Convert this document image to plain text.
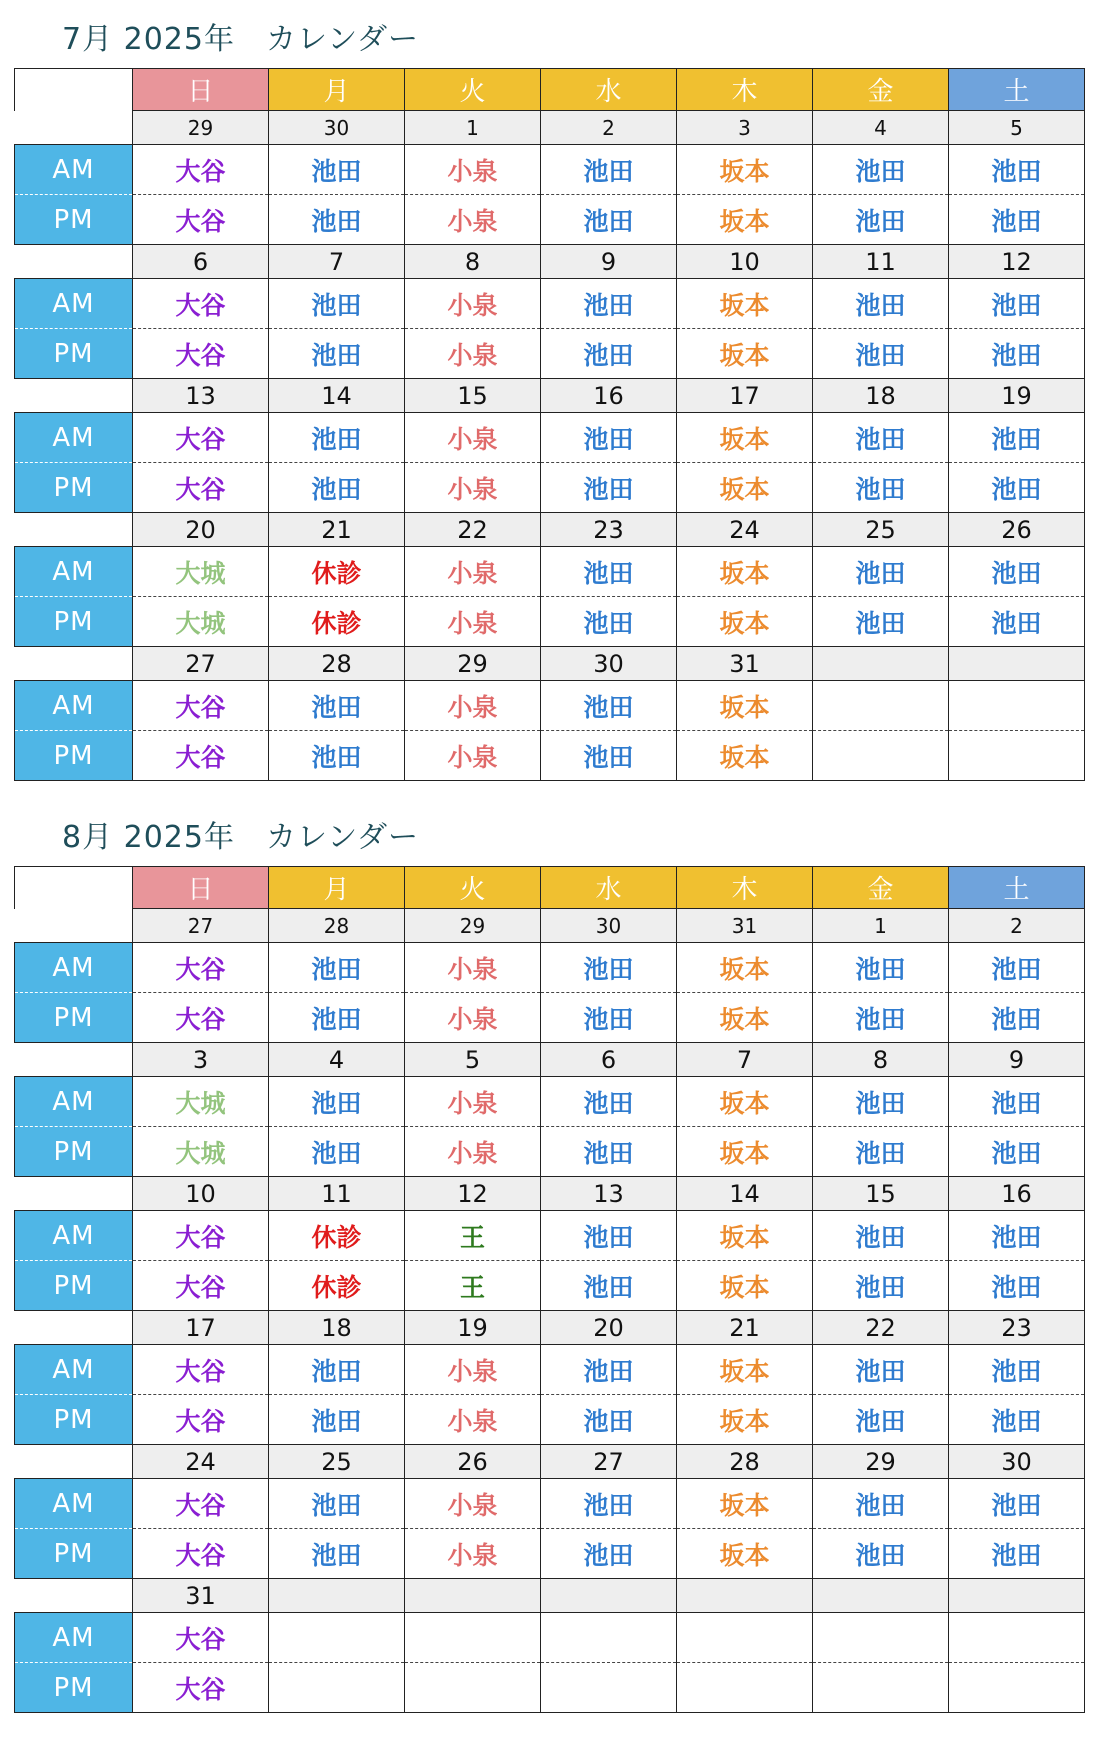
7月 2025年　カレンダー
	日	月	火	水	木	金	土
	29	30	1	2	3	4	5
AM	大谷	池田	小泉	池田	坂本	池田	池田
PM	大谷	池田	小泉	池田	坂本	池田	池田
	6	7	8	9	10	11	12
AM	大谷	池田	小泉	池田	坂本	池田	池田
PM	大谷	池田	小泉	池田	坂本	池田	池田
	13	14	15	16	17	18	19
AM	大谷	池田	小泉	池田	坂本	池田	池田
PM	大谷	池田	小泉	池田	坂本	池田	池田
	20	21	22	23	24	25	26
AM	大城	休診	小泉	池田	坂本	池田	池田
PM	大城	休診	小泉	池田	坂本	池田	池田
	27	28	29	30	31		
AM	大谷	池田	小泉	池田	坂本		
PM	大谷	池田	小泉	池田	坂本		
8月 2025年　カレンダー
	日	月	火	水	木	金	土
	27	28	29	30	31	1	2
AM	大谷	池田	小泉	池田	坂本	池田	池田
PM	大谷	池田	小泉	池田	坂本	池田	池田
	3	4	5	6	7	8	9
AM	大城	池田	小泉	池田	坂本	池田	池田
PM	大城	池田	小泉	池田	坂本	池田	池田
	10	11	12	13	14	15	16
AM	大谷	休診	王	池田	坂本	池田	池田
PM	大谷	休診	王	池田	坂本	池田	池田
	17	18	19	20	21	22	23
AM	大谷	池田	小泉	池田	坂本	池田	池田
PM	大谷	池田	小泉	池田	坂本	池田	池田
	24	25	26	27	28	29	30
AM	大谷	池田	小泉	池田	坂本	池田	池田
PM	大谷	池田	小泉	池田	坂本	池田	池田
	31						
AM	大谷						
PM	大谷						
